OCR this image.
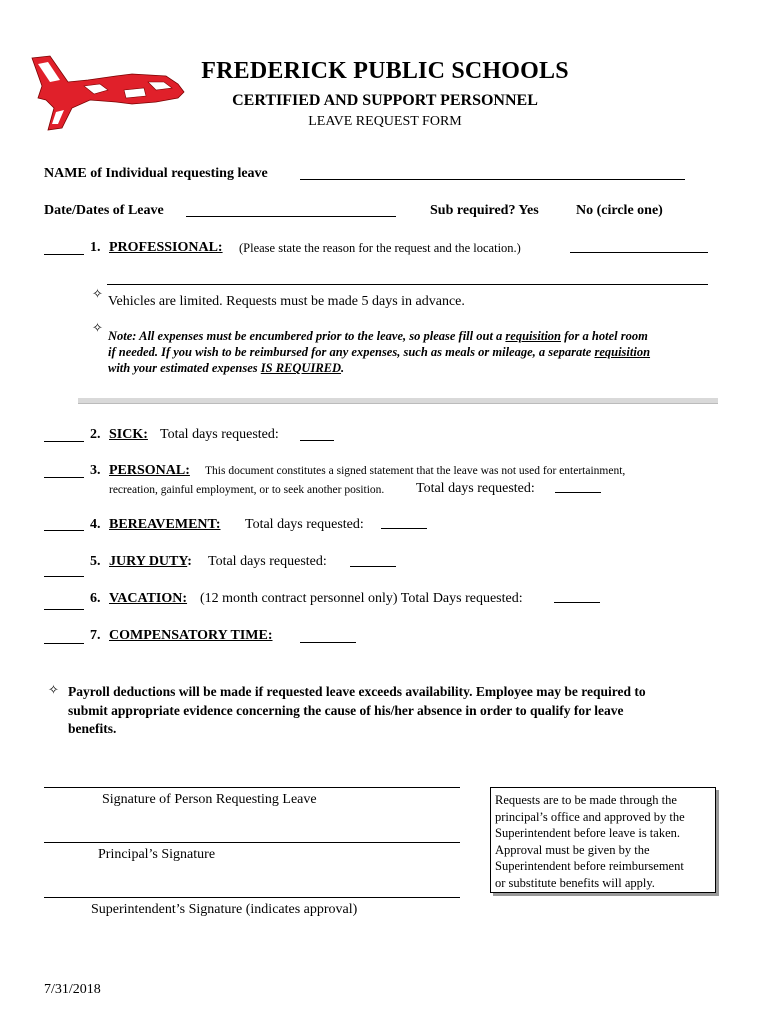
FREDERICK PUBLIC SCHOOLS
CERTIFIED AND SUPPORT PERSONNEL
LEAVE REQUEST FORM
NAME of Individual requesting leave
Date/Dates of Leave	Sub required? Yes	No (circle one)
1. PROFESSIONAL: (Please state the reason for the request and the location.)
✧ Vehicles are limited. Requests must be made 5 days in advance.
✧ Note: All expenses must be encumbered prior to the leave, so please fill out a requisition for a hotel room
if needed. If you wish to be reimbursed for any expenses, such as meals or mileage, a separate requisition
with your estimated expenses IS REQUIRED.
2. SICK: Total days requested:
3. PERSONAL: This document constitutes a signed statement that the leave was not used for entertainment,
recreation, gainful employment, or to seek another position. Total days requested:
4. BEREAVEMENT: Total days requested:
5. JURY DUTY: Total days requested:
6. VACATION: (12 month contract personnel only) Total Days requested:
7. COMPENSATORY TIME:
✧ Payroll deductions will be made if requested leave exceeds availability. Employee may be required to
submit appropriate evidence concerning the cause of his/her absence in order to qualify for leave
benefits.
Signature of Person Requesting Leave
Principal’s Signature
Superintendent’s Signature (indicates approval)
Requests are to be made through the
principal’s office and approved by the
Superintendent before leave is taken.
Approval must be given by the
Superintendent before reimbursement
or substitute benefits will apply.
7/31/2018
